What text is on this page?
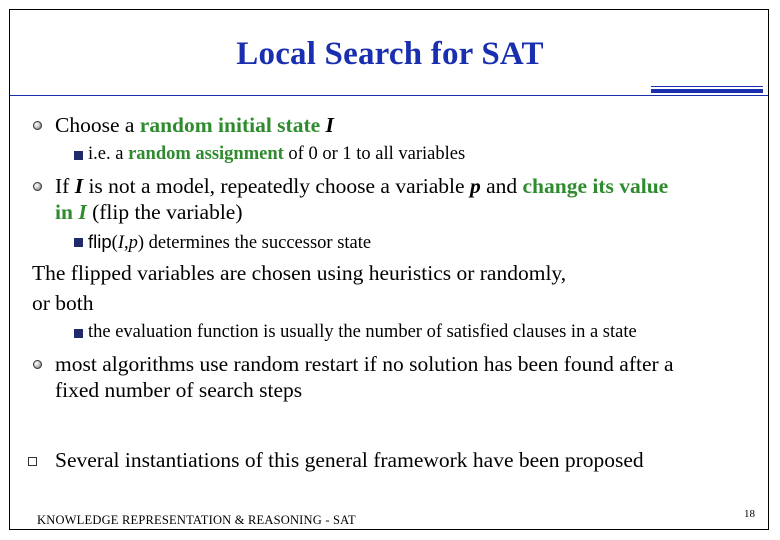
Local Search for SAT
Choose a random initial state I
i.e. a random assignment of 0 or 1 to all variables
If I is not a model, repeatedly choose a variable p and change its value
in I (flip the variable)
flip(I,p) determines the successor state
The flipped variables are chosen using heuristics or randomly,
or both
the evaluation function is usually the number of satisfied clauses in a state
most algorithms use random restart if no solution has been found after a
fixed number of search steps
Several instantiations of this general framework have been proposed
KNOWLEDGE REPRESENTATION & REASONING - SAT	18
